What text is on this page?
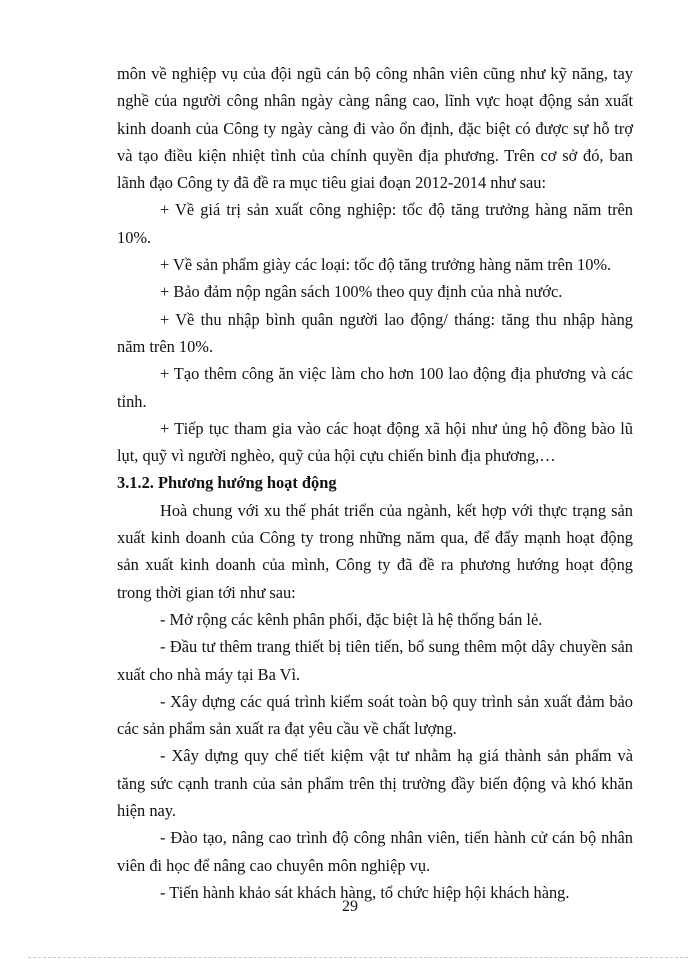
môn về nghiệp vụ của đội ngũ cán bộ công nhân viên cũng như kỹ năng, tay nghề của người công nhân ngày càng nâng cao, lĩnh vực hoạt động sản xuất kinh doanh của Công ty ngày càng đi vào ổn định, đặc biệt có được sự hỗ trợ và tạo điều kiện nhiệt tình của chính quyền địa phương. Trên cơ sở đó, ban lãnh đạo Công ty đã đề ra mục tiêu giai đoạn 2012-2014 như sau:

+ Về giá trị sản xuất công nghiệp: tốc độ tăng trưởng hàng năm trên 10%.

+ Về sản phẩm giày các loại: tốc độ tăng trưởng hàng năm trên 10%.

+ Bảo đảm nộp ngân sách 100% theo quy định của nhà nước.

+ Về thu nhập bình quân người lao động/ tháng: tăng thu nhập hàng năm trên 10%.

+ Tạo thêm công ăn việc làm cho hơn 100 lao động địa phương và các tỉnh.

+ Tiếp tục tham gia vào các hoạt động xã hội như ủng hộ đồng bào lũ lụt, quỹ vì người nghèo, quỹ của hội cựu chiến binh địa phương,…

3.1.2. Phương hướng hoạt động

Hoà chung với xu thế phát triển của ngành, kết hợp với thực trạng sản xuất kinh doanh của Công ty trong những năm qua, để đẩy mạnh hoạt động sản xuất kinh doanh của mình, Công ty đã đề ra phương hướng hoạt động trong thời gian tới như sau:

- Mở rộng các kênh phân phối, đặc biệt là hệ thống bán lẻ.

- Đầu tư thêm trang thiết bị tiên tiến, bổ sung thêm một dây chuyền sản xuất cho nhà máy tại Ba Vì.

- Xây dựng các quá trình kiểm soát toàn bộ quy trình sản xuất đảm bảo các sản phẩm sản xuất ra đạt yêu cầu về chất lượng.

- Xây dựng quy chế tiết kiệm vật tư nhằm hạ giá thành sản phẩm và tăng sức cạnh tranh của sản phẩm trên thị trường đầy biến động và khó khăn hiện nay.

- Đào tạo, nâng cao trình độ công nhân viên, tiến hành cử cán bộ nhân viên đi học để nâng cao chuyên môn nghiệp vụ.

- Tiến hành khảo sát khách hàng, tổ chức hiệp hội khách hàng.

29
